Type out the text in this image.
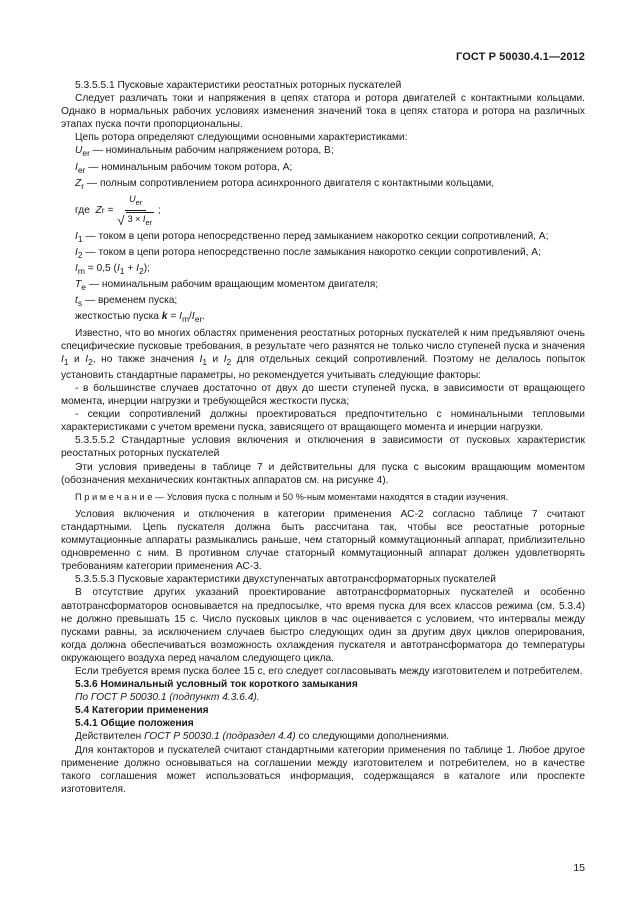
ГОСТ Р 50030.4.1—2012

5.3.5.5.1 Пусковые характеристики реостатных роторных пускателей

Следует различать токи и напряжения в цепях статора и ротора двигателей с контактными кольцами. Однако в нормальных рабочих условиях изменения значений тока в цепях статора и ротора на различных этапах пуска почти пропорциональны.

Цепь ротора определяют следующими основными характеристиками:

$U_{er}$ — номинальным рабочим напряжением ротора, В;

$I_{er}$ — номинальным рабочим током ротора, А;

$Z_r$ — полным сопротивлением ротора асинхронного двигателя с контактными кольцами,

где
Z r
= $\frac{U_{er}}{√ 3 \times I_{er}}$ ;

$I_1$ — током в цепи ротора непосредственно перед замыканием накоротко секции сопротивлений, А;

$I_2$ — током в цепи ротора непосредственно после замыкания накоротко секции сопротивлений, А;

$I_m = 0,5$ $(I_1 + I_2)$;

$T_e$ — номинальным рабочим вращающим моментом двигателя;

$t_s$ — временем пуска;

жесткостью пуска $k = I_m/I_{er}$.

Известно, что во многих областях применения реостатных роторных пускателей к ним предъявляют очень специфические пусковые требования, в результате чего разнятся не только число ступеней пуска и значения $I_1$ и $I_2$, но также значения $I_1$ и $I_2$ для отдельных секций сопротивлений. Поэтому не делалось попыток установить стандартные параметры, но рекомендуется учитывать следующие факторы:

- в большинстве случаев достаточно от двух до шести ступеней пуска, в зависимости от вращающего момента, инерции нагрузки и требующейся жесткости пуска;

- секции сопротивлений должны проектироваться предпочтительно с номинальными тепловыми характеристиками с учетом времени пуска, зависящего от вращающего момента и инерции нагрузки.

5.3.5.5.2 Стандартные условия включения и отключения в зависимости от пусковых характеристик реостатных роторных пускателей

Эти условия приведены в таблице 7 и действительны для пуска с высоким вращающим моментом (обозначения механических контактных аппаратов см. на рисунке 4).

П р и м е ч а н и е — Условия пуска с полным и 50 %-ным моментами находятся в стадии изучения.

Условия включения и отключения в категории применения АС-2 согласно таблице 7 считают стандартными. Цепь пускателя должна быть рассчитана так, чтобы все реостатные роторные коммутационные аппараты размыкались раньше, чем статорный коммутационный аппарат, приблизительно одновременно с ним. В противном случае статорный коммутационный аппарат должен удовлетворять требованиям категории применения АС-3.

5.3.5.5.3 Пусковые характеристики двухступенчатых автотрансформаторных пускателей

В отсутствие других указаний проектирование автотрансформаторных пускателей и особенно автотрансформаторов основывается на предпосылке, что время пуска для всех классов режима (см. 5.3.4) не должно превышать 15 с. Число пусковых циклов в час оценивается с условием, что интервалы между пусками равны, за исключением случаев быстро следующих один за другим двух циклов оперирования, когда должна обеспечиваться возможность охлаждения пускателя и автотрансформатора до температуры окружающего воздуха перед началом следующего цикла.

Если требуется время пуска более 15 с, его следует согласовывать между изготовителем и потребителем.

5.3.6 Номинальный условный ток короткого замыкания

По ГОСТ Р 50030.1 (подпункт 4.3.6.4).

5.4 Категории применения

5.4.1 Общие положения

Действителен ГОСТ Р 50030.1 (подраздел 4.4) со следующими дополнениями.

Для контакторов и пускателей считают стандартными категории применения по таблице 1. Любое другое применение должно основываться на соглашении между изготовителем и потребителем, но в качестве такого соглашения может использоваться информация, содержащаяся в каталоге или проспекте изготовителя.

15
